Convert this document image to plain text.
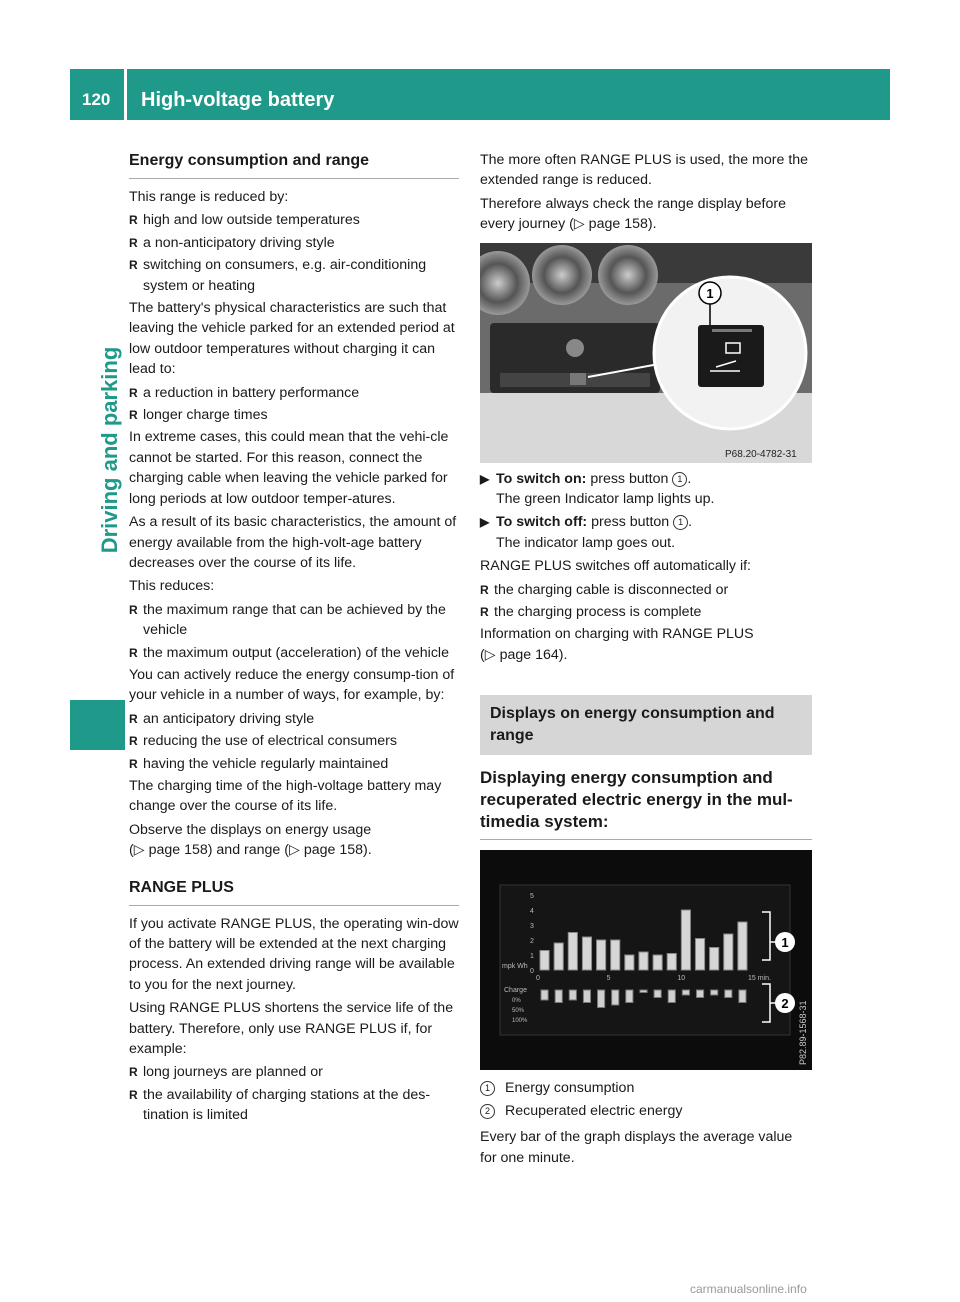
120	High-voltage battery
Driving and parking
Energy consumption and range

This range is reduced by:

R high and low outside temperatures
R a non-anticipatory driving style
R switching on consumers, e.g. air-conditioning system or heating

The battery's physical characteristics are such that leaving the vehicle parked for an extended period at low outdoor temperatures without charging it can lead to:

R a reduction in battery performance
R longer charge times

In extreme cases, this could mean that the vehi-cle cannot be started. For this reason, connect the charging cable when leaving the vehicle parked for long periods at low outdoor temper-atures.

As a result of its basic characteristics, the amount of energy available from the high-volt-age battery decreases over the course of its life.

This reduces:

R the maximum range that can be achieved by the vehicle
R the maximum output (acceleration) of the vehicle

You can actively reduce the energy consump-tion of your vehicle in a number of ways, for example, by:

R an anticipatory driving style
R reducing the use of electrical consumers
R having the vehicle regularly maintained

The charging time of the high-voltage battery may change over the course of its life.

Observe the displays on energy usage

(▷ page 158) and range (▷ page 158).

RANGE PLUS

If you activate RANGE PLUS, the operating win-dow of the battery will be extended at the next charging process. An extended driving range will be available to you for the next journey.

Using RANGE PLUS shortens the service life of the battery. Therefore, only use RANGE PLUS if, for example:

R long journeys are planned or
R the availability of charging stations at the des-tination is limited

The more often RANGE PLUS is used, the more the extended range is reduced.

Therefore always check the range display before every journey (▷ page 158).

1
P68.20-4782-31
▶ To switch on: press button 1 .
The green Indicator lamp lights up.
▶ To switch off: press button 1 .
The indicator lamp goes out.

RANGE PLUS switches off automatically if:

R the charging cable is disconnected or
R the charging process is complete

Information on charging with RANGE PLUS

(▷ page 164).

Displays on energy consumption and range
Displaying energy consumption and recuperated electric energy in the mul-timedia system:
5
4
3
2
1
0
0	5	10	15 min.
mpk Wh
Charge
0%
50%
100%
1
2 P82.89-1568-31
1 Energy consumption
2 Recuperated electric energy

Every bar of the graph displays the average value for one minute.

carmanualsonline.info
